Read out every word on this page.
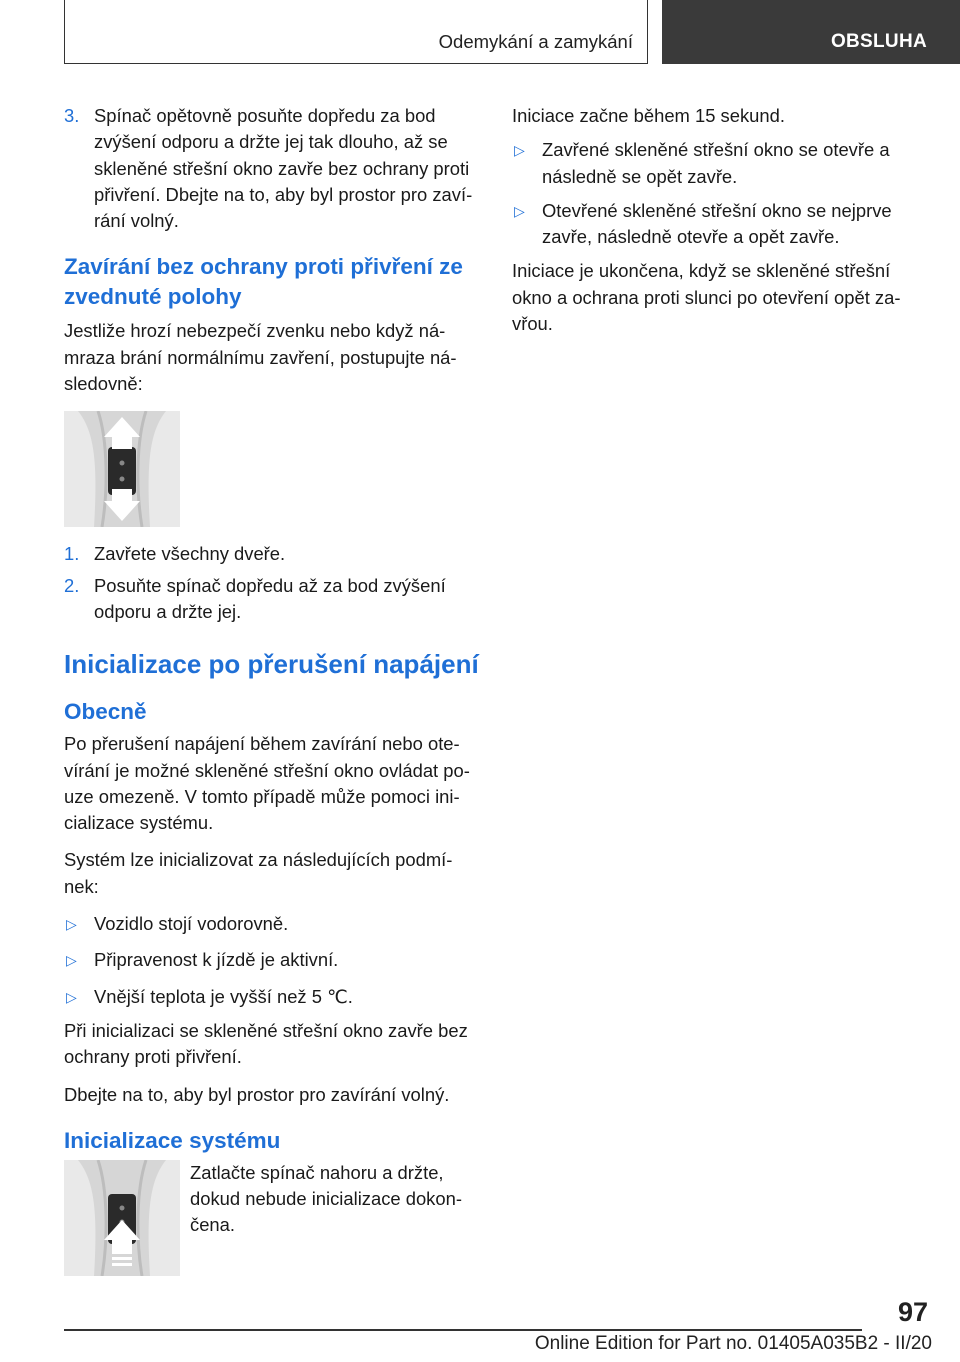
Odemykání a zamykání	OBSLUHA
3. Spínač opětovně posuňte dopředu za bod zvýšení odporu a držte jej tak dlouho, až se skleněné střešní okno zavře bez ochrany proti přivření. Dbejte na to, aby byl prostor pro zaví-rání volný.
Zavírání bez ochrany proti přivření ze zvednuté polohy

Jestliže hrozí nebezpečí zvenku nebo když ná-mraza brání normálnímu zavření, postupujte ná-sledovně:

1. Zavřete všechny dveře.
2. Posuňte spínač dopředu až za bod zvýšení odporu a držte jej.
Inicializace po přerušení napájení
Obecně

Po přerušení napájení během zavírání nebo ote-vírání je možné skleněné střešní okno ovládat po-uze omezeně. V tomto případě může pomoci ini-cializace systému.

Systém lze inicializovat za následujících podmí-nek:

▷ Vozidlo stojí vodorovně.
▷ Připravenost k jízdě je aktivní.
▷ Vnější teplota je vyšší než 5 ℃.

Při inicializaci se skleněné střešní okno zavře bez ochrany proti přivření.

Dbejte na to, aby byl prostor pro zavírání volný.

Inicializace systému

Zatlačte spínač nahoru a držte, dokud nebude inicializace dokon-čena.

Iniciace začne během 15 sekund.

▷ Zavřené skleněné střešní okno se otevře a následně se opět zavře.
▷ Otevřené skleněné střešní okno se nejprve zavře, následně otevře a opět zavře.

Iniciace je ukončena, když se skleněné střešní okno a ochrana proti slunci po otevření opět za-vřou.

97
Online Edition for Part no. 01405A035B2 - II/20
